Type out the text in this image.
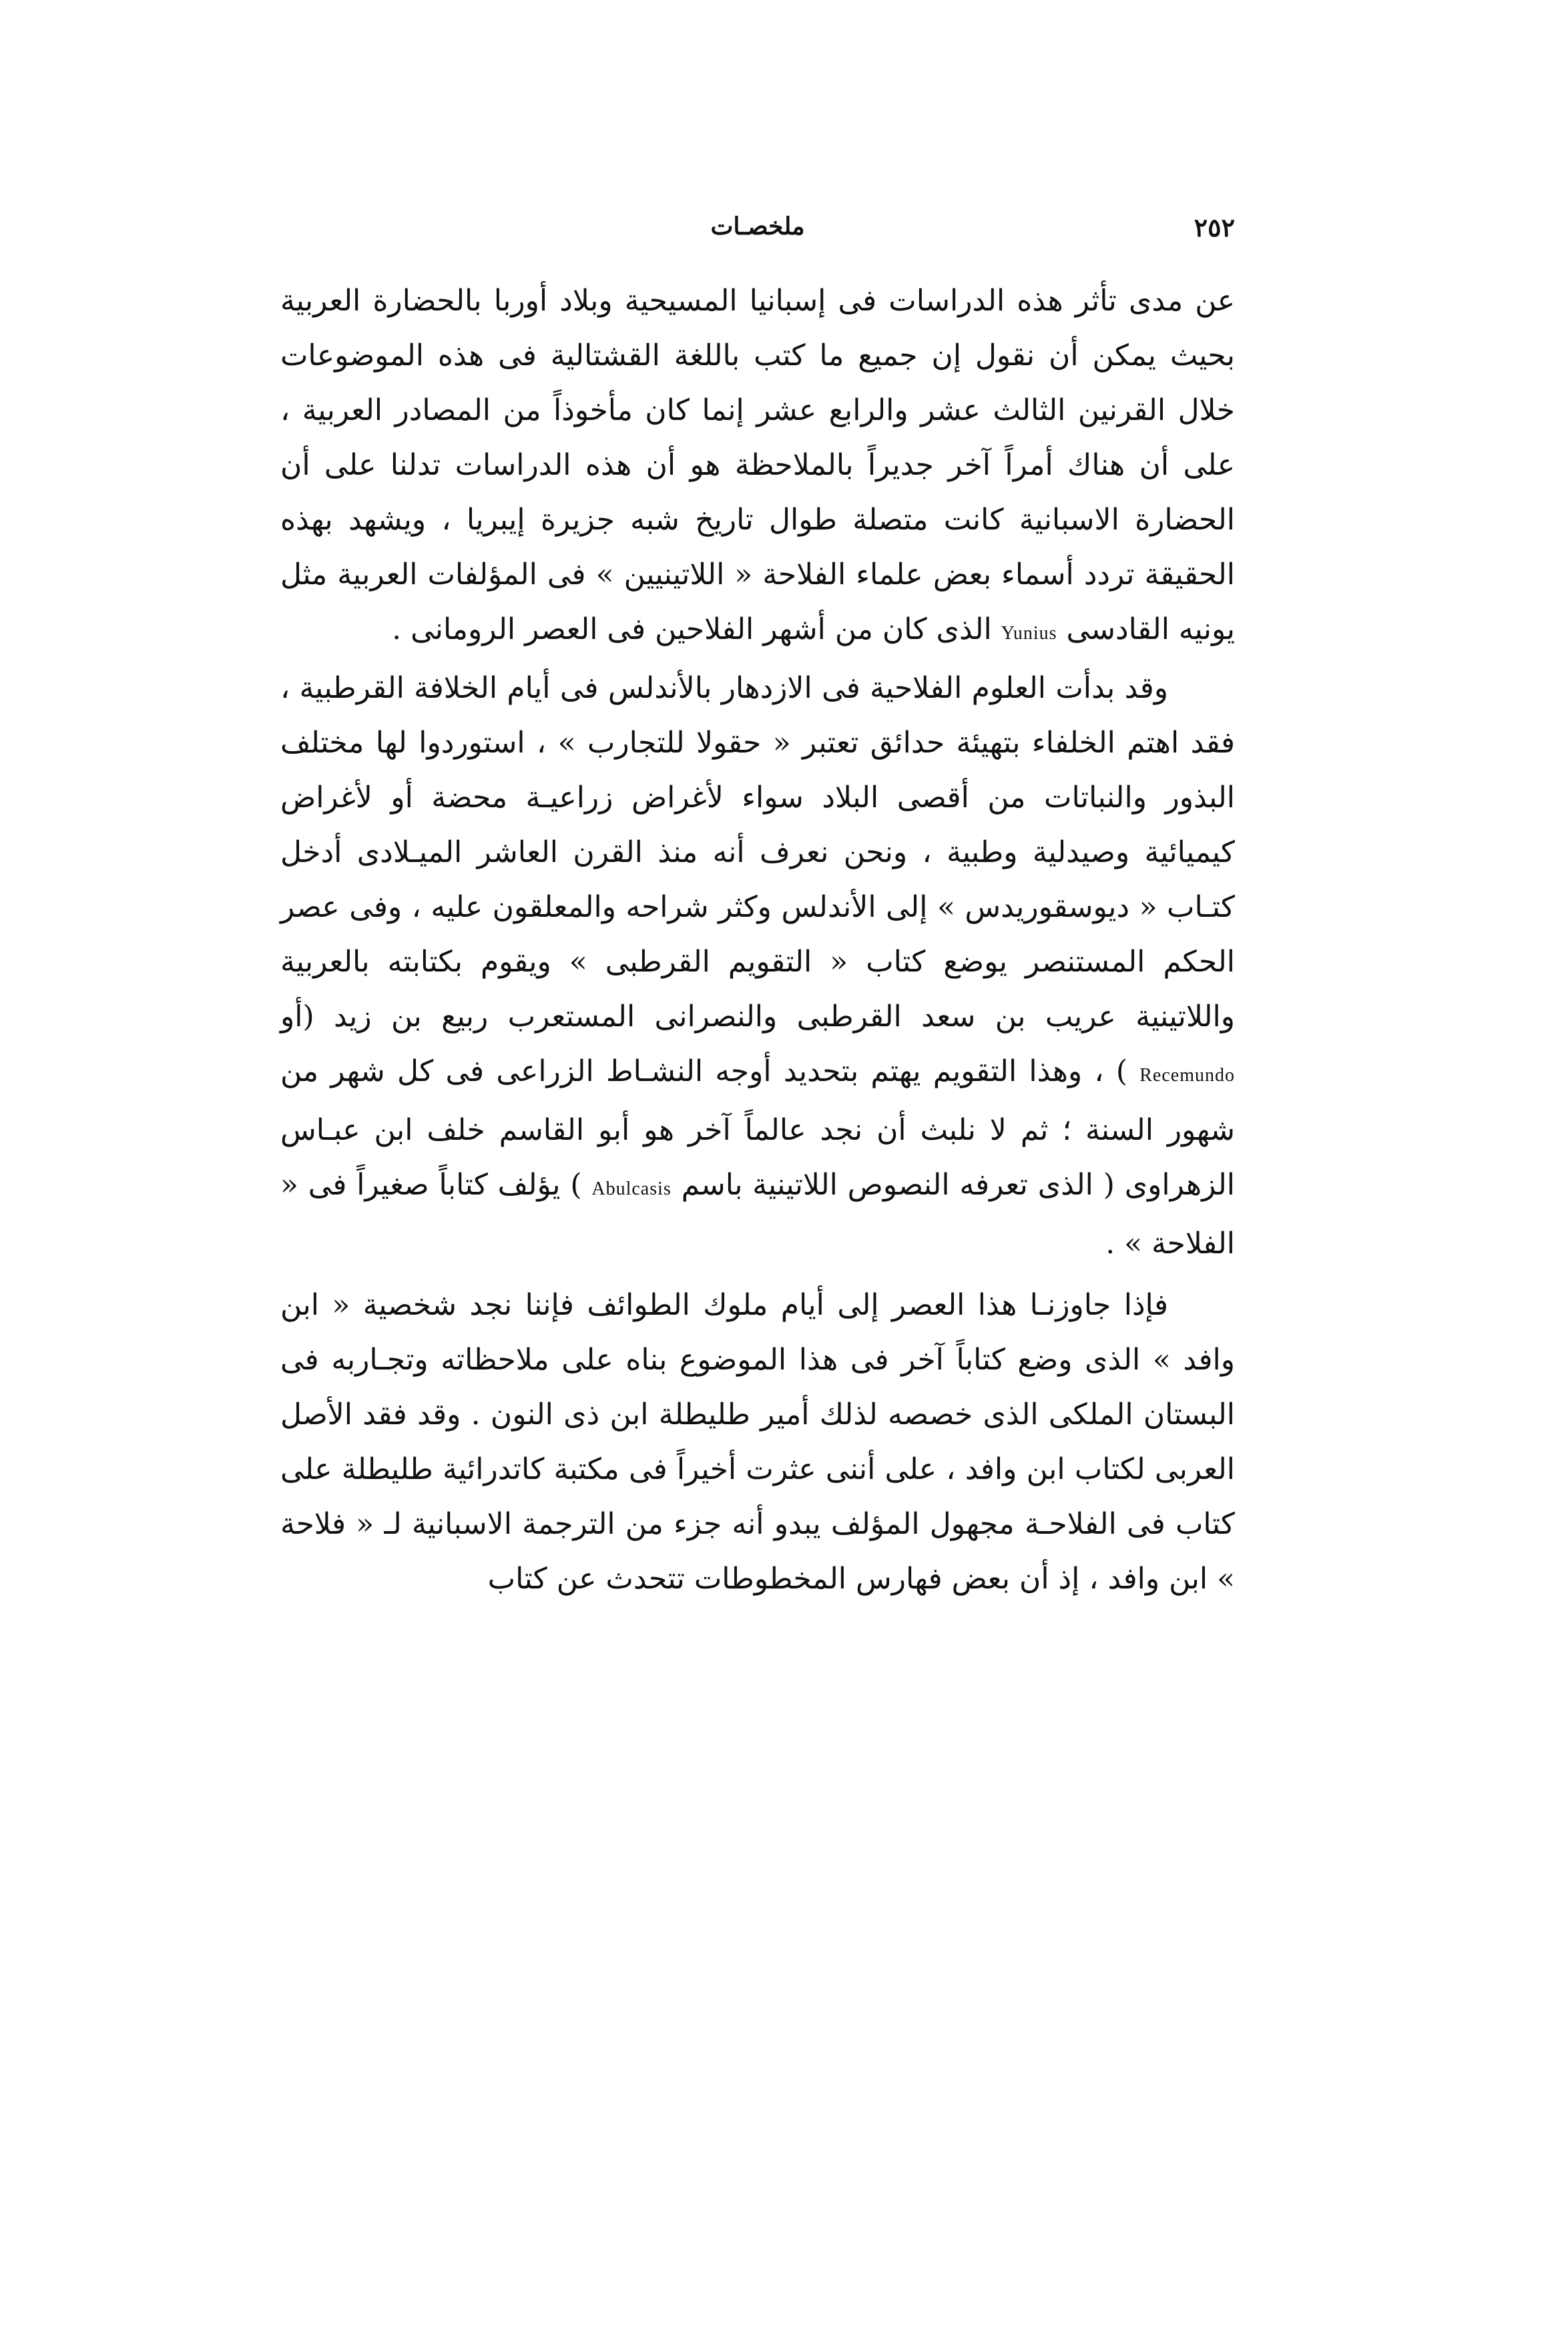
٢٥٢
ملخصـات

عن مدى تأثر هذه الدراسات فى إسبانيا المسيحية وبلاد أوربا بالحضارة العربية بحيث يمكن أن نقول إن جميع ما كتب باللغة القشتالية فى هذه الموضوعات خلال القرنين الثالث عشر والرابع عشر إنما كان مأخوذاً من المصادر العربية ، على أن هناك أمراً آخر جديراً بالملاحظة هو أن هذه الدراسات تدلنا على أن الحضارة الاسبانية كانت متصلة طوال تاريخ شبه جزيرة إيبريا ، ويشهد بهذه الحقيقة تردد أسماء بعض علماء الفلاحة « اللاتينيين » فى المؤلفات العربية مثل يونيه القادسى Yunius الذى كان من أشهر الفلاحين فى العصر الرومانى .

وقد بدأت العلوم الفلاحية فى الازدهار بالأندلس فى أيام الخلافة القرطبية ، فقد اهتم الخلفاء بتهيئة حدائق تعتبر « حقولا للتجارب » ، استوردوا لها مختلف البذور والنباتات من أقصى البلاد سواء لأغراض زراعيـة محضة أو لأغراض كيميائية وصيدلية وطبية ، ونحن نعرف أنه منذ القرن العاشر الميـلادى أدخل كتـاب « ديوسقوريدس » إلى الأندلس وكثر شراحه والمعلقون عليه ، وفى عصر الحكم المستنصر يوضع كتاب « التقويم القرطبى » ويقوم بكتابته بالعربية واللاتينية عريب بن سعد القرطبى والنصرانى المستعرب ربيع بن زيد (أو Recemundo ) ، وهذا التقويم يهتم بتحديد أوجه النشـاط الزراعى فى كل شهر من شهور السنة ؛ ثم لا نلبث أن نجد عالماً آخر هو أبو القاسم خلف ابن عبـاس الزهراوى ( الذى تعرفه النصوص اللاتينية باسم Abulcasis ) يؤلف كتاباً صغيراً فى « الفلاحة » .

فإذا جاوزنـا هذا العصر إلى أيام ملوك الطوائف فإننا نجد شخصية « ابن وافد » الذى وضع كتاباً آخر فى هذا الموضوع بناه على ملاحظاته وتجـاربه فى البستان الملكى الذى خصصه لذلك أمير طليطلة ابن ذى النون . وقد فقد الأصل العربى لكتاب ابن وافد ، على أننى عثرت أخيراً فى مكتبة كاتدرائية طليطلة على كتاب فى الفلاحـة مجهول المؤلف يبدو أنه جزء من الترجمة الاسبانية لـ « فلاحة » ابن وافد ، إذ أن بعض فهارس المخطوطات تتحدث عن كتاب
